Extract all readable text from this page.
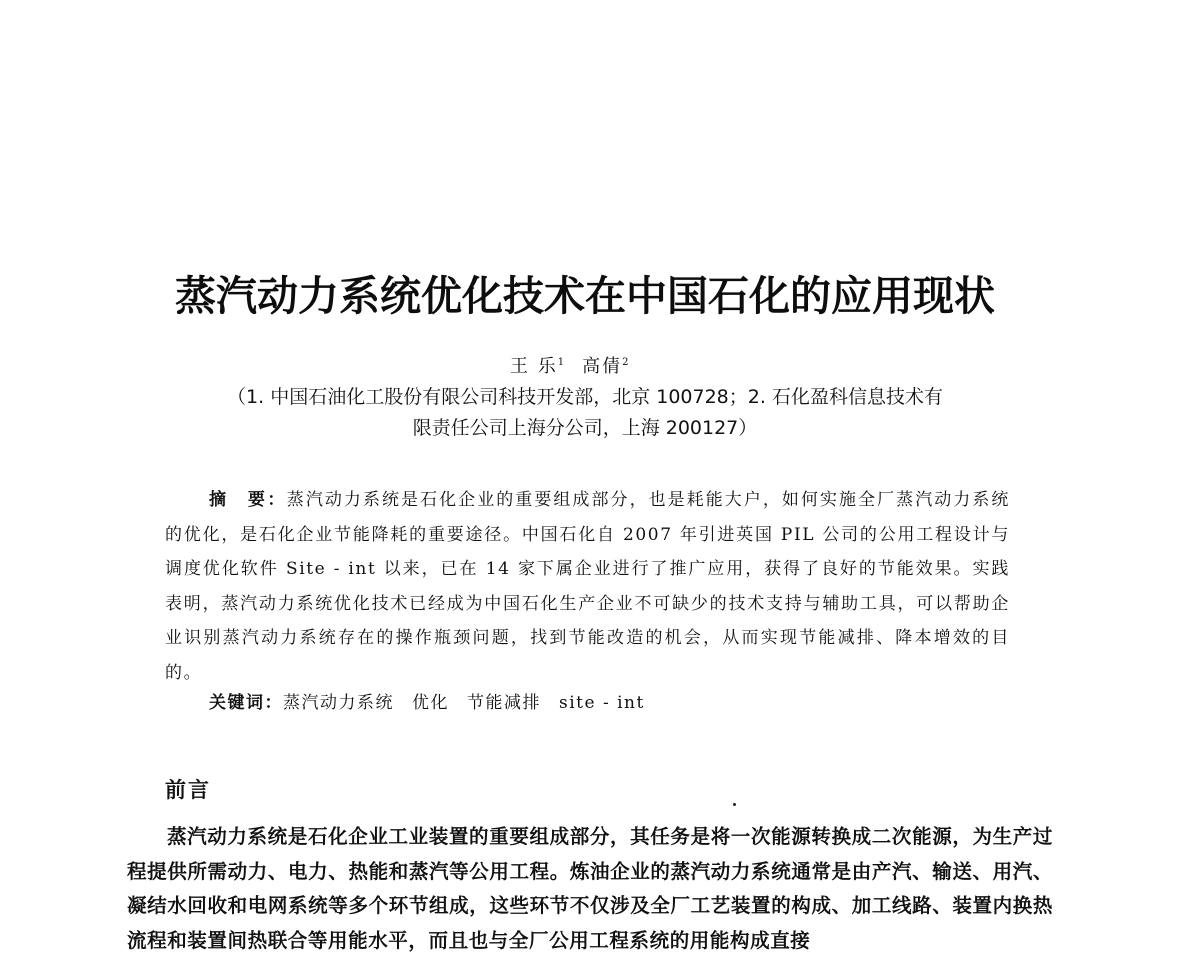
蒸汽动力系统优化技术在中国石化的应用现状
王 乐$^1$ 高倩$^2$
（1. 中国石油化工股份有限公司科技开发部，北京 100728；2. 石化盈科信息技术有
限责任公司上海分公司，上海 200127）

摘　要：蒸汽动力系统是石化企业的重要组成部分，也是耗能大户，如何实施全厂蒸汽动力系统的优化，是石化企业节能降耗的重要途径。中国石化自 2007 年引进英国 PIL 公司的公用工程设计与调度优化软件 Site - int 以来，已在 14 家下属企业进行了推广应用，获得了良好的节能效果。实践表明，蒸汽动力系统优化技术已经成为中国石化生产企业不可缺少的技术支持与辅助工具，可以帮助企业识别蒸汽动力系统存在的操作瓶颈问题，找到节能改造的机会，从而实现节能减排、降本增效的目的。

关键词：蒸汽动力系统 优化 节能减排 site - int
前言

蒸汽动力系统是石化企业工业装置的重要组成部分，其任务是将一次能源转换成二次能源，为生产过程提供所需动力、电力、热能和蒸汽等公用工程。炼油企业的蒸汽动力系统通常是由产汽、输送、用汽、凝结水回收和电网系统等多个环节组成，这些环节不仅涉及全厂工艺装置的构成、加工线路、装置内换热流程和装置间热联合等用能水平，而且也与全厂公用工程系统的用能构成直接
